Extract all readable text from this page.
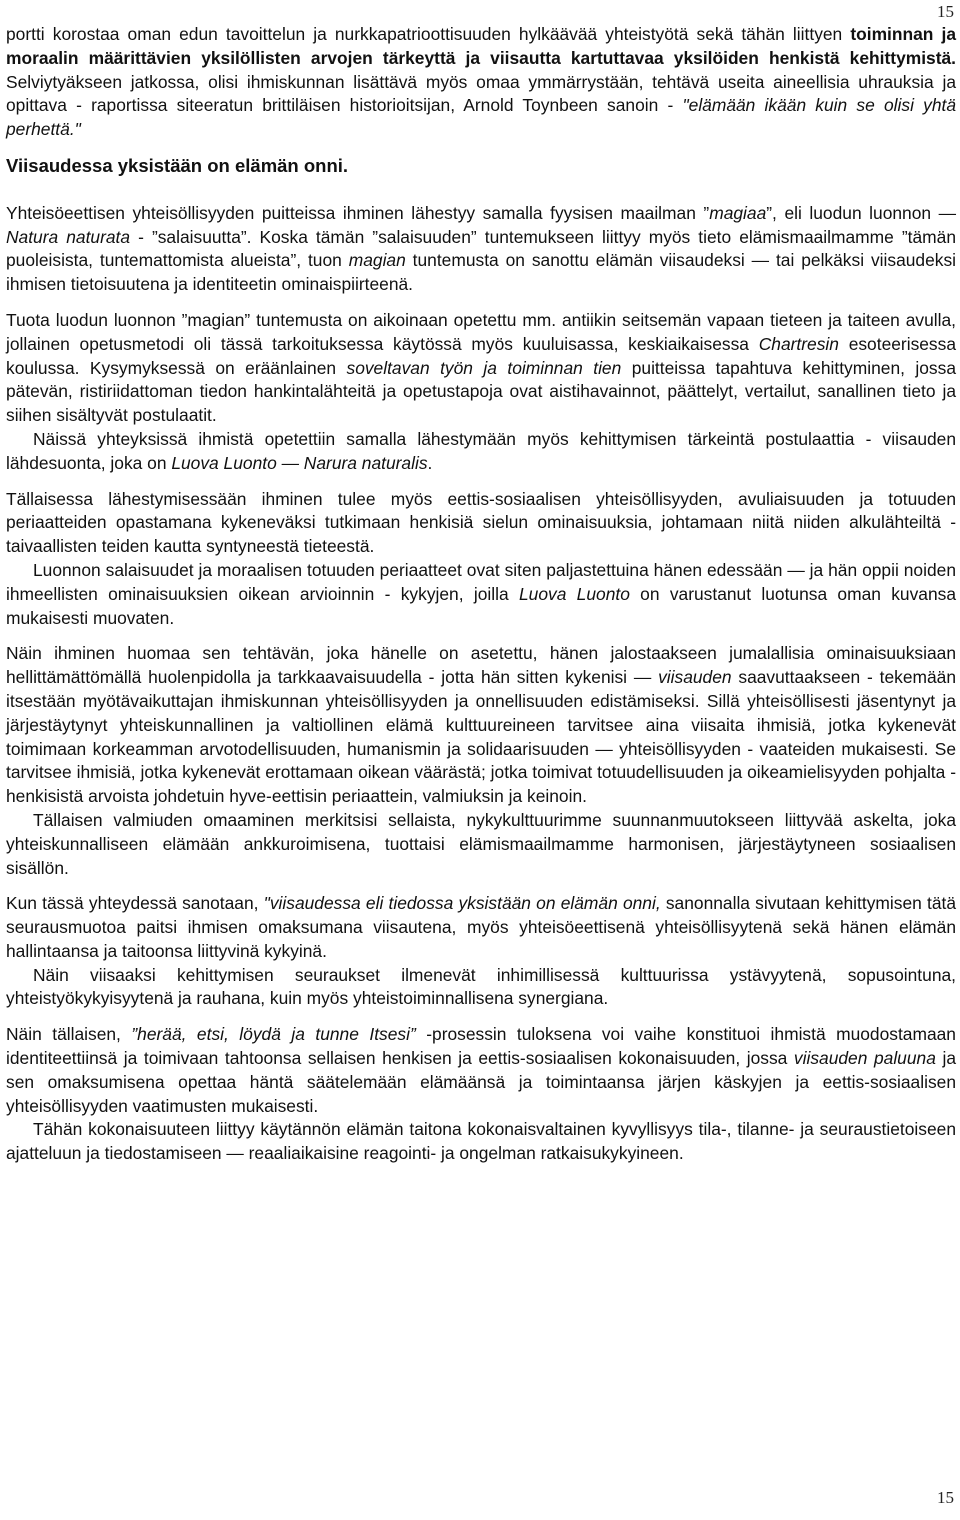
15

portti korostaa oman edun tavoittelun ja nurkkapatrioottisuuden hylkäävää yhteistyötä sekä tähän liittyen toiminnan ja moraalin määrittävien yksilöllisten arvojen tärkeyttä ja viisautta kartuttavaa yksilöiden henkistä kehittymistä. Selviytyäkseen jatkossa, olisi ihmiskunnan lisättävä myös omaa ymmärrystään, tehtävä useita aineellisia uhrauksia ja opittava - raportissa siteeratun brittiläisen historioitsijan, Arnold Toynbeen sanoin - "elämään ikään kuin se olisi yhtä perhettä."

Viisaudessa yksistään on elämän onni.

Yhteisöeettisen yhteisöllisyyden puitteissa ihminen lähestyy samalla fyysisen maailman ”magiaa”, eli luodun luonnon — Natura naturata - ”salaisuutta”. Koska tämän ”salaisuuden” tuntemukseen liittyy myös tieto elämismaailmamme ”tämän puoleisista, tuntemattomista alueista”, tuon magian tuntemusta on sanottu elämän viisaudeksi — tai pelkäksi viisaudeksi ihmisen tietoisuutena ja identiteetin ominaispiirteenä.

Tuota luodun luonnon ”magian” tuntemusta on aikoinaan opetettu mm. antiikin seitsemän vapaan tieteen ja taiteen avulla, jollainen opetusmetodi oli tässä tarkoituksessa käytössä myös kuuluisassa, keskiaikaisessa Chartresin esoteerisessa koulussa. Kysymyksessä on eräänlainen soveltavan työn ja toiminnan tien puitteissa tapahtuva kehittyminen, jossa pätevän, ristiriidattoman tiedon hankintalähteitä ja opetustapoja ovat aistihavainnot, päättelyt, vertailut, sanallinen tieto ja siihen sisältyvät postulaatit.

Näissä yhteyksissä ihmistä opetettiin samalla lähestymään myös kehittymisen tärkeintä postulaattia - viisauden lähdesuonta, joka on Luova Luonto — Narura naturalis.

Tällaisessa lähestymisessään ihminen tulee myös eettis-sosiaalisen yhteisöllisyyden, avuliaisuuden ja totuuden periaatteiden opastamana kykeneväksi tutkimaan henkisiä sielun ominaisuuksia, johtamaan niitä niiden alkulähteiltä - taivaallisten teiden kautta syntyneestä tieteestä.

Luonnon salaisuudet ja moraalisen totuuden periaatteet ovat siten paljastettuina hänen edessään — ja hän oppii noiden ihmeellisten ominaisuuksien oikean arvioinnin - kykyjen, joilla Luova Luonto on varustanut luotunsa oman kuvansa mukaisesti muovaten.

Näin ihminen huomaa sen tehtävän, joka hänelle on asetettu, hänen jalostaakseen jumalallisia ominaisuuksiaan hellittämättömällä huolenpidolla ja tarkkaavaisuudella - jotta hän sitten kykenisi — viisauden saavuttaakseen - tekemään itsestään myötävaikuttajan ihmiskunnan yhteisöllisyyden ja onnellisuuden edistämiseksi. Sillä yhteisöllisesti jäsentynyt ja järjestäytynyt yhteiskunnallinen ja valtiollinen elämä kulttuureineen tarvitsee aina viisaita ihmisiä, jotka kykenevät toimimaan korkeamman arvotodellisuuden, humanismin ja solidaarisuuden — yhteisöllisyyden - vaateiden mukaisesti. Se tarvitsee ihmisiä, jotka kykenevät erottamaan oikean väärästä; jotka toimivat totuudellisuuden ja oikeamielisyyden pohjalta - henkisistä arvoista johdetuin hyve-eettisin periaattein, valmiuksin ja keinoin.

Tällaisen valmiuden omaaminen merkitsisi sellaista, nykykulttuurimme suunnanmuutokseen liittyvää askelta, joka yhteiskunnalliseen elämään ankkuroimisena, tuottaisi elämismaailmamme harmonisen, järjestäytyneen sosiaalisen sisällön.

Kun tässä yhteydessä sanotaan, "viisaudessa eli tiedossa yksistään on elämän onni, sanonnalla sivutaan kehittymisen tätä seurausmuotoa paitsi ihmisen omaksumana viisautena, myös yhteisöeettisenä yhteisöllisyytenä sekä hänen elämän hallintaansa ja taitoonsa liittyvinä kykyinä.

Näin viisaaksi kehittymisen seuraukset ilmenevät inhimillisessä kulttuurissa ystävyytenä, sopusointuna, yhteistyökykyisyytenä ja rauhana, kuin myös yhteistoiminnallisena synergiana.

Näin tällaisen, ”herää, etsi, löydä ja tunne Itsesi” -prosessin tuloksena voi vaihe konstituoi ihmistä muodostamaan identiteettiinsä ja toimivaan tahtoonsa sellaisen henkisen ja eettis-sosiaalisen kokonaisuuden, jossa viisauden paluuna ja sen omaksumisena opettaa häntä säätelemään elämäänsä ja toimintaansa järjen käskyjen ja eettis-sosiaalisen yhteisöllisyyden vaatimusten mukaisesti.

Tähän kokonaisuuteen liittyy käytännön elämän taitona kokonaisvaltainen kyvyllisyys tila-, tilanne- ja seuraustietoiseen ajatteluun ja tiedostamiseen — reaaliaikaisine reagointi- ja ongelman ratkaisukykyineen.

15
